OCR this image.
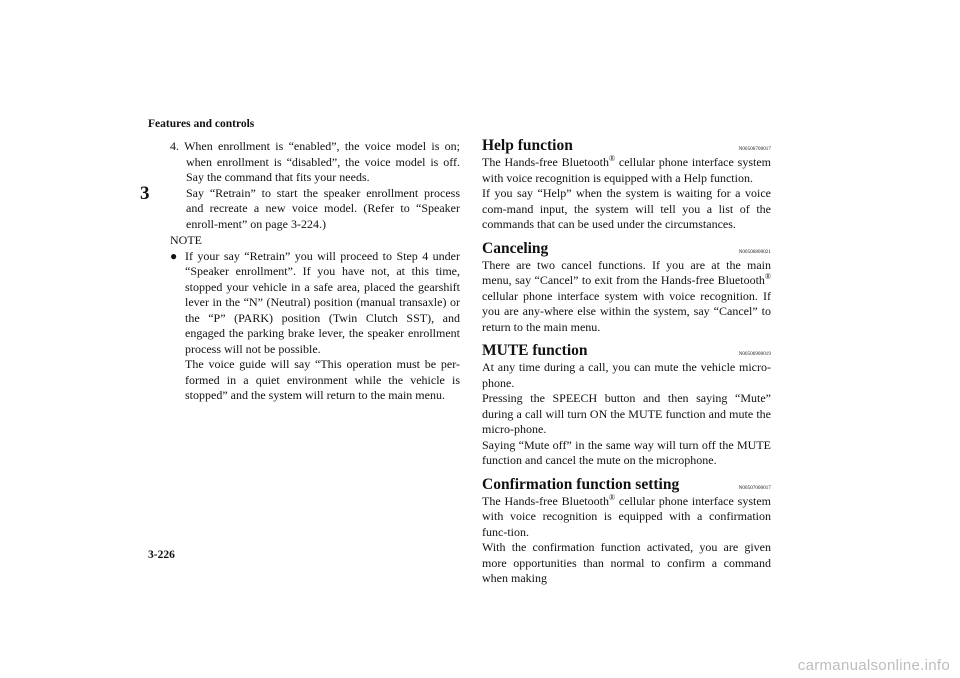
Features and controls
3
3-226

4. When enrollment is “enabled”, the voice model is on; when enrollment is “disabled”, the voice model is off. Say the command that fits your needs.

Say “Retrain” to start the speaker enrollment process and recreate a new voice model. (Refer to “Speaker enroll-ment” on page 3-224.)

NOTE

● If your say “Retrain” you will proceed to Step 4 under “Speaker enrollment”. If you have not, at this time, stopped your vehicle in a safe area, placed the gearshift lever in the “N” (Neutral) position (manual transaxle) or the “P” (PARK) position (Twin Clutch SST), and engaged the parking brake lever, the speaker enrollment process will not be possible.

The voice guide will say “This operation must be per-formed in a quiet environment while the vehicle is stopped” and the system will return to the main menu.

Help function	N00506700017

The Hands-free Bluetooth® cellular phone interface system with voice recognition is equipped with a Help function.

If you say “Help” when the system is waiting for a voice com-mand input, the system will tell you a list of the commands that can be used under the circumstances.

Canceling	N00506800021

There are two cancel functions. If you are at the main menu, say “Cancel” to exit from the Hands-free Bluetooth® cellular phone interface system with voice recognition. If you are any-where else within the system, say “Cancel” to return to the main menu.

MUTE function	N00506900019

At any time during a call, you can mute the vehicle micro-phone.

Pressing the SPEECH button and then saying “Mute” during a call will turn ON the MUTE function and mute the micro-phone.

Saying “Mute off” in the same way will turn off the MUTE function and cancel the mute on the microphone.

Confirmation function setting	N00507000017

The Hands-free Bluetooth® cellular phone interface system with voice recognition is equipped with a confirmation func-tion.

With the confirmation function activated, you are given more opportunities than normal to confirm a command when making

carmanualsonline.info
